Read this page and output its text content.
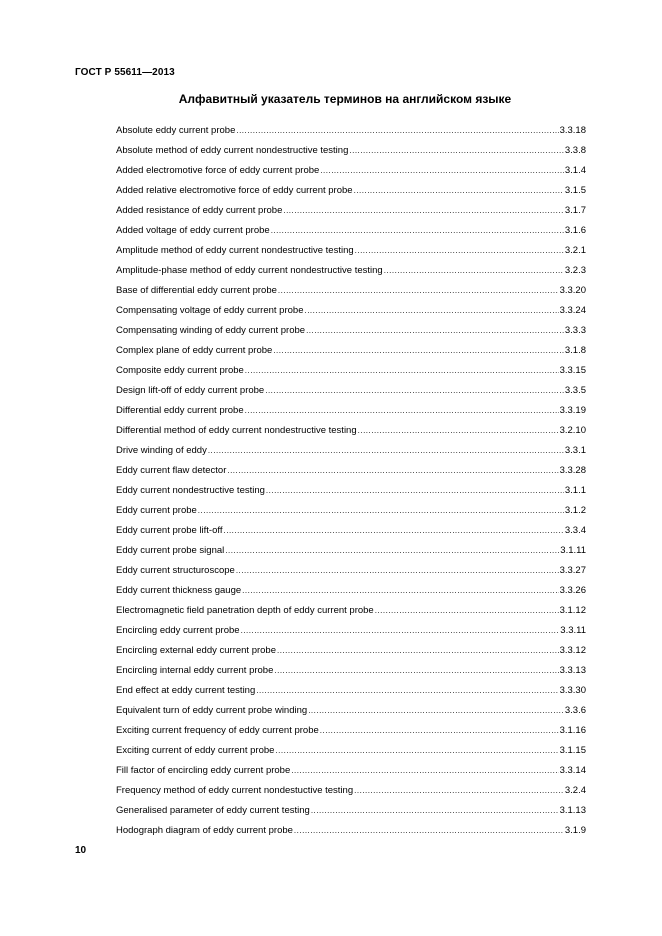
ГОСТ Р 55611—2013
Алфавитный указатель терминов на английском языке
Absolute eddy current probe .....	3.3.18
Absolute method of eddy current nondestructive testing .....	3.3.8
Added electromotive force of eddy current probe .....	3.1.4
Added relative electromotive force of eddy current probe .....	3.1.5
Added resistance of eddy current probe .....	3.1.7
Added voltage of eddy current probe .....	3.1.6
Amplitude method of eddy current nondestructive testing .....	3.2.1
Amplitude-phase method of eddy current nondestructive testing .....	3.2.3
Base of differential eddy current probe .....	3.3.20
Compensating voltage of eddy current probe .....	3.3.24
Compensating winding of eddy current probe .....	3.3.3
Complex plane of eddy current probe .....	3.1.8
Composite eddy current probe .....	3.3.15
Design lift-off of eddy current probe .....	3.3.5
Differential eddy current probe .....	3.3.19
Differential method of eddy current nondestructive testing .....	3.2.10
Drive winding of eddy .....	3.3.1
Eddy current flaw detector .....	3.3.28
Eddy current nondestructive testing .....	3.1.1
Eddy current probe .....	3.1.2
Eddy current probe lift-off .....	3.3.4
Eddy current probe signal .....	3.1.11
Eddy current structuroscope .....	3.3.27
Eddy current thickness gauge .....	3.3.26
Electromagnetic field panetration depth of eddy current probe .....	3.1.12
Encircling eddy current probe .....	3.3.11
Encircling external eddy current probe .....	3.3.12
Encircling internal eddy current probe .....	3.3.13
End effect at eddy current testing .....	3.3.30
Equivalent turn of eddy current probe winding .....	3.3.6
Exciting current frequency of eddy current probe .....	3.1.16
Exciting current of eddy current probe .....	3.1.15
Fill factor of encircling eddy current probe .....	3.3.14
Frequency method of eddy current nondestuctive testing .....	3.2.4
Generalised parameter of eddy current testing .....	3.1.13
Hodograph diagram of eddy current probe .....	3.1.9
10
